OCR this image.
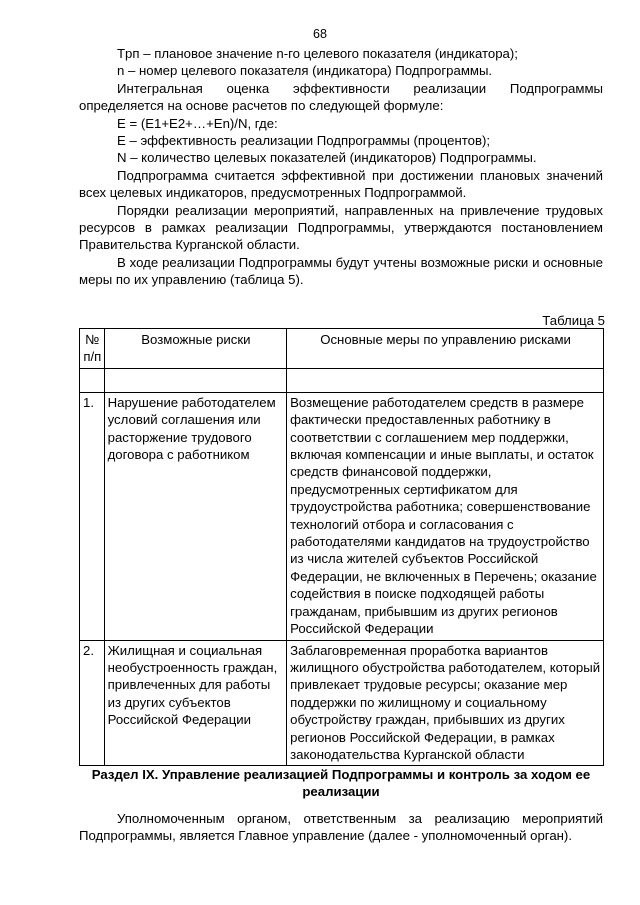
68

Tрп – плановое значение n-го целевого показателя (индикатора);

n – номер целевого показателя (индикатора) Подпрограммы.

Интегральная оценка эффективности реализации Подпрограммы определяется на основе расчетов по следующей формуле:

E = (E1+E2+…+En)/N, где:

E – эффективность реализации Подпрограммы (процентов);

N – количество целевых показателей (индикаторов) Подпрограммы.

Подпрограмма считается эффективной при достижении плановых значений всех целевых индикаторов, предусмотренных Подпрограммой.

Порядки реализации мероприятий, направленных на привлечение трудовых ресурсов в рамках реализации Подпрограммы, утверждаются постановлением Правительства Курганской области.

В ходе реализации Подпрограммы будут учтены возможные риски и основные меры по их управлению (таблица 5).

Таблица 5
№ п/п	Возможные риски	Основные меры по управлению рисками

1.	Нарушение работодателем условий соглашения или расторжение трудового договора с работником	Возмещение работодателем средств в размере фактически предоставленных работнику в соответствии с соглашением мер поддержки, включая компенсации и иные выплаты, и остаток средств финансовой поддержки, предусмотренных сертификатом для трудоустройства работника; совершенствование технологий отбора и согласования с работодателями кандидатов на трудоустройство из числа жителей субъектов Российской Федерации, не включенных в Перечень; оказание содействия в поиске подходящей работы гражданам, прибывшим из других регионов Российской Федерации
2.	Жилищная и социальная необустроенность граждан, привлеченных для работы из других субъектов Российской Федерации	Заблаговременная проработка вариантов жилищного обустройства работодателем, который привлекает трудовые ресурсы; оказание мер поддержки по жилищному и социальному обустройству граждан, прибывших из других регионов Российской Федерации, в рамках законодательства Курганской области
Раздел IX. Управление реализацией Подпрограммы и контроль за ходом ее реализации

Уполномоченным органом, ответственным за реализацию мероприятий Подпрограммы, является Главное управление (далее - уполномоченный орган).
